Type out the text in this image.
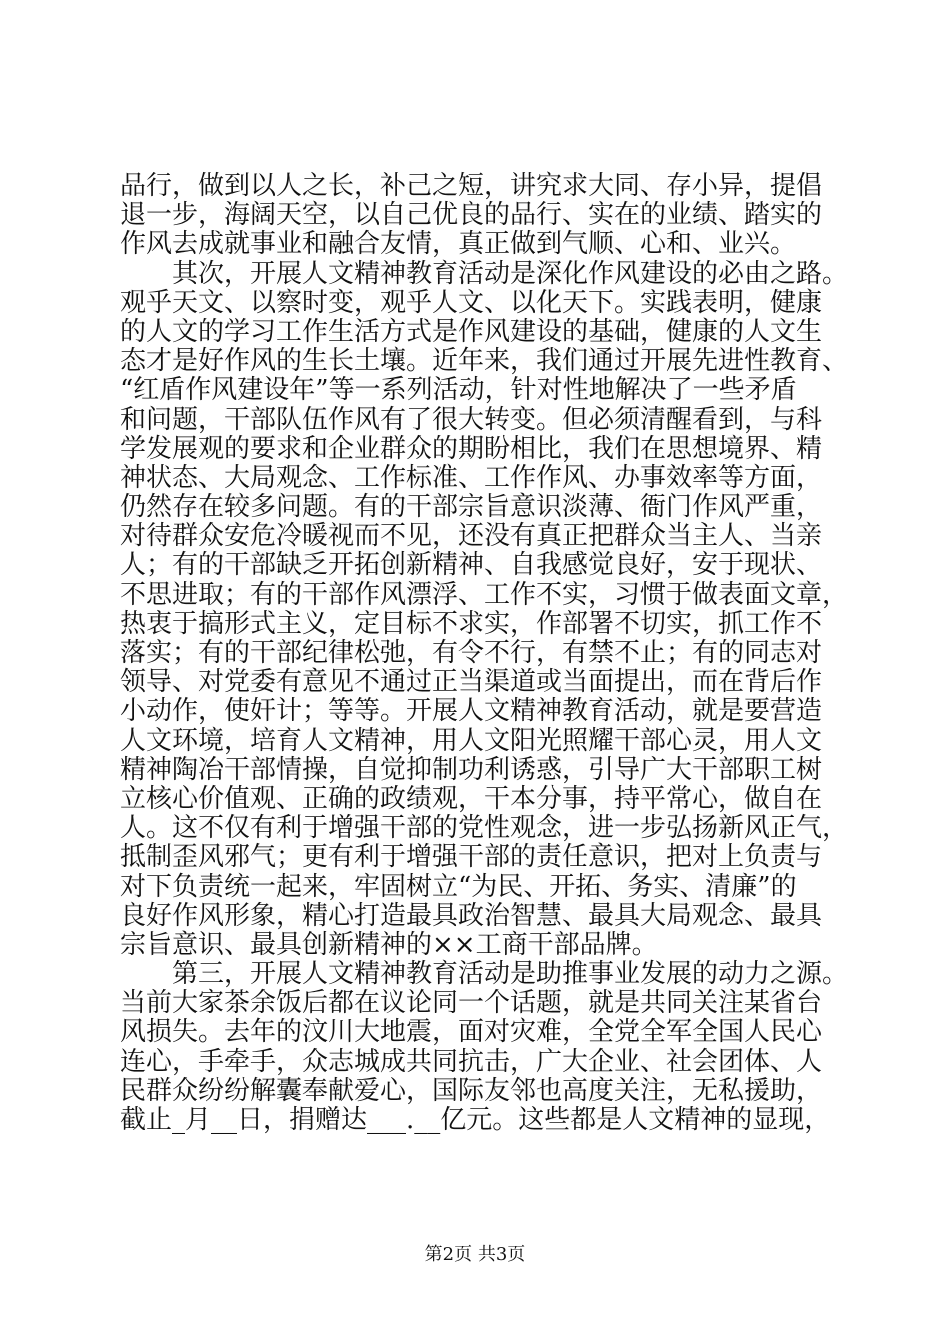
品行，做到以人之长，补己之短，讲究求大同、存小异，提倡
退一步，海阔天空，以自己优良的品行、实在的业绩、踏实的
作风去成就事业和融合友情，真正做到气顺、心和、业兴。
　　其次，开展人文精神教育活动是深化作风建设的必由之路。
观乎天文、以察时变，观乎人文、以化天下。实践表明，健康
的人文的学习工作生活方式是作风建设的基础，健康的人文生
态才是好作风的生长土壤。近年来，我们通过开展先进性教育、
“红盾作风建设年”等一系列活动，针对性地解决了一些矛盾
和问题，干部队伍作风有了很大转变。但必须清醒看到，与科
学发展观的要求和企业群众的期盼相比，我们在思想境界、精
神状态、大局观念、工作标准、工作作风、办事效率等方面，
仍然存在较多问题。有的干部宗旨意识淡薄、衙门作风严重，
对待群众安危冷暖视而不见，还没有真正把群众当主人、当亲
人；有的干部缺乏开拓创新精神、自我感觉良好，安于现状、
不思进取；有的干部作风漂浮、工作不实，习惯于做表面文章，
热衷于搞形式主义，定目标不求实，作部署不切实，抓工作不
落实；有的干部纪律松弛，有令不行，有禁不止；有的同志对
领导、对党委有意见不通过正当渠道或当面提出，而在背后作
小动作，使奸计；等等。开展人文精神教育活动，就是要营造
人文环境，培育人文精神，用人文阳光照耀干部心灵，用人文
精神陶冶干部情操，自觉抑制功利诱惑，引导广大干部职工树
立核心价值观、正确的政绩观，干本分事，持平常心，做自在
人。这不仅有利于增强干部的党性观念，进一步弘扬新风正气，
抵制歪风邪气；更有利于增强干部的责任意识，把对上负责与
对下负责统一起来，牢固树立“为民、开拓、务实、清廉”的
良好作风形象，精心打造最具政治智慧、最具大局观念、最具
宗旨意识、最具创新精神的××工商干部品牌。
　　第三，开展人文精神教育活动是助推事业发展的动力之源。
当前大家茶余饭后都在议论同一个话题，就是共同关注某省台
风损失。去年的汶川大地震，面对灾难，全党全军全国人民心
连心，手牵手，众志城成共同抗击，广大企业、社会团体、人
民群众纷纷解囊奉献爱心，国际友邻也高度关注，无私援助，
截止_月__日，捐赠达___.__亿元。这些都是人文精神的显现，
第2页 共3页
